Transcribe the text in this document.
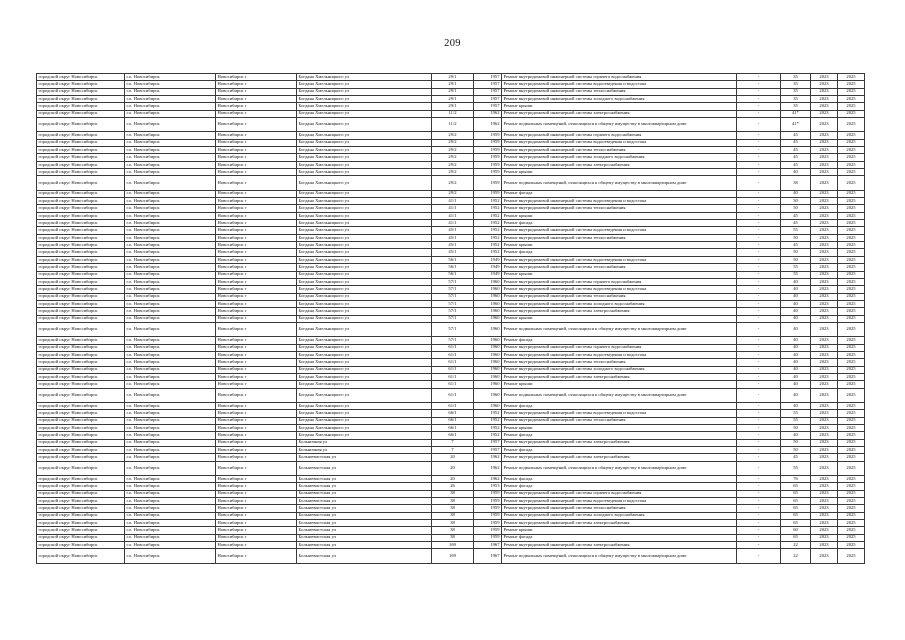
209
городской округ Новосибирск	г.о. Новосибирск	Новосибирск г	Богдана Хмельницкого ул	29/1	1957	Ремонт внутридомовой инженерной системы горячего водоснабжения	-	35	2023	2025
городской округ Новосибирск	г.о. Новосибирск	Новосибирск г	Богдана Хмельницкого ул	29/1	1957	Ремонт внутридомовой инженерной системы водоотведения и водостока	-	35	2023	2025
городской округ Новосибирск	г.о. Новосибирск	Новосибирск г	Богдана Хмельницкого ул	29/1	1957	Ремонт внутридомовой инженерной системы теплоснабжения	-	35	2023	2025
городской округ Новосибирск	г.о. Новосибирск	Новосибирск г	Богдана Хмельницкого ул	29/1	1957	Ремонт внутридомовой инженерной системы холодного водоснабжения	-	35	2023	2025
городской округ Новосибирск	г.о. Новосибирск	Новосибирск г	Богдана Хмельницкого ул	29/1	1957	Ремонт крыши	-	35	2023	2025
городской округ Новосибирск	г.о. Новосибирск	Новосибирск г	Богдана Хмельницкого ул	11/2	1962	Ремонт внутридомовой инженерной системы электроснабжения	-	41*	2023	2025
городской округ Новосибирск	г.о. Новосибирск	Новосибирск г	Богдана Хмельницкого ул	11/2	1962	Ремонт подвальных помещений, относящихся к общему имуществу в многоквартирном доме	-	41*	2023	2025
городской округ Новосибирск	г.о. Новосибирск	Новосибирск г	Богдана Хмельницкого ул	29/2	1959	Ремонт внутридомовой инженерной системы горячего водоснабжения	-	45	2023	2025
городской округ Новосибирск	г.о. Новосибирск	Новосибирск г	Богдана Хмельницкого ул	29/2	1959	Ремонт внутридомовой инженерной системы водоотведения и водостока	-	45	2023	2025
городской округ Новосибирск	г.о. Новосибирск	Новосибирск г	Богдана Хмельницкого ул	29/2	1959	Ремонт внутридомовой инженерной системы теплоснабжения	-	45	2023	2025
городской округ Новосибирск	г.о. Новосибирск	Новосибирск г	Богдана Хмельницкого ул	29/2	1959	Ремонт внутридомовой инженерной системы холодного водоснабжения	-	45	2023	2025
городской округ Новосибирск	г.о. Новосибирск	Новосибирск г	Богдана Хмельницкого ул	29/2	1959	Ремонт внутридомовой инженерной системы электроснабжения	-	45	2023	2025
городской округ Новосибирск	г.о. Новосибирск	Новосибирск г	Богдана Хмельницкого ул	29/2	1959	Ремонт крыши	-	40	2023	2025
городской округ Новосибирск	г.о. Новосибирск	Новосибирск г	Богдана Хмельницкого ул	29/2	1959	Ремонт подвальных помещений, относящихся к общему имуществу в многоквартирном доме	-	38	2023	2025
городской округ Новосибирск	г.о. Новосибирск	Новосибирск г	Богдана Хмельницкого ул	29/2	1959	Ремонт фасада	-	40	2023	2025
городской округ Новосибирск	г.о. Новосибирск	Новосибирск г	Богдана Хмельницкого ул	41/1	1952	Ремонт внутридомовой инженерной системы водоотведения и водостока	-	30	2023	2025
городской округ Новосибирск	г.о. Новосибирск	Новосибирск г	Богдана Хмельницкого ул	41/1	1952	Ремонт внутридомовой инженерной системы теплоснабжения	-	50	2023	2025
городской округ Новосибирск	г.о. Новосибирск	Новосибирск г	Богдана Хмельницкого ул	41/1	1952	Ремонт крыши	-	45	2023	2025
городской округ Новосибирск	г.о. Новосибирск	Новосибирск г	Богдана Хмельницкого ул	41/1	1952	Ремонт фасада	-	45	2023	2025
городской округ Новосибирск	г.о. Новосибирск	Новосибирск г	Богдана Хмельницкого ул	45/1	1952	Ремонт внутридомовой инженерной системы водоотведения и водостока	-	55	2023	2025
городской округ Новосибирск	г.о. Новосибирск	Новосибирск г	Богдана Хмельницкого ул	45/1	1952	Ремонт внутридомовой инженерной системы теплоснабжения	-	50	2023	2025
городской округ Новосибирск	г.о. Новосибирск	Новосибирск г	Богдана Хмельницкого ул	45/1	1952	Ремонт крыши	-	45	2023	2025
городской округ Новосибирск	г.о. Новосибирск	Новосибирск г	Богдана Хмельницкого ул	45/1	1952	Ремонт фасада	-	50	2023	2025
городской округ Новосибирск	г.о. Новосибирск	Новосибирск г	Богдана Хмельницкого ул	56/1	1949	Ремонт внутридомовой инженерной системы водоотведения и водостока	-	50	2023	2025
городской округ Новосибирск	г.о. Новосибирск	Новосибирск г	Богдана Хмельницкого ул	56/1	1949	Ремонт внутридомовой инженерной системы теплоснабжения	-	55	2023	2025
городской округ Новосибирск	г.о. Новосибирск	Новосибирск г	Богдана Хмельницкого ул	56/1	1949	Ремонт крыши	-	55	2023	2025
городской округ Новосибирск	г.о. Новосибирск	Новосибирск г	Богдана Хмельницкого ул	57/1	1960	Ремонт внутридомовой инженерной системы горячего водоснабжения	-	40	2023	2025
городской округ Новосибирск	г.о. Новосибирск	Новосибирск г	Богдана Хмельницкого ул	57/1	1960	Ремонт внутридомовой инженерной системы водоотведения и водостока	-	40	2023	2025
городской округ Новосибирск	г.о. Новосибирск	Новосибирск г	Богдана Хмельницкого ул	57/1	1960	Ремонт внутридомовой инженерной системы теплоснабжения	-	40	2023	2025
городской округ Новосибирск	г.о. Новосибирск	Новосибирск г	Богдана Хмельницкого ул	57/1	1960	Ремонт внутридомовой инженерной системы холодного водоснабжения	-	40	2023	2025
городской округ Новосибирск	г.о. Новосибирск	Новосибирск г	Богдана Хмельницкого ул	57/1	1960	Ремонт внутридомовой инженерной системы электроснабжения	-	40	2023	2025
городской округ Новосибирск	г.о. Новосибирск	Новосибирск г	Богдана Хмельницкого ул	57/1	1960	Ремонт крыши	-	40	2023	2025
городской округ Новосибирск	г.о. Новосибирск	Новосибирск г	Богдана Хмельницкого ул	57/1	1960	Ремонт подвальных помещений, относящихся к общему имуществу в многоквартирном доме	-	40	2023	2025
городской округ Новосибирск	г.о. Новосибирск	Новосибирск г	Богдана Хмельницкого ул	57/1	1960	Ремонт фасада	-	40	2023	2025
городской округ Новосибирск	г.о. Новосибирск	Новосибирск г	Богдана Хмельницкого ул	61/1	1960	Ремонт внутридомовой инженерной системы горячего водоснабжения	-	40	2023	2025
городской округ Новосибирск	г.о. Новосибирск	Новосибирск г	Богдана Хмельницкого ул	61/1	1960	Ремонт внутридомовой инженерной системы водоотведения и водостока	-	40	2023	2025
городской округ Новосибирск	г.о. Новосибирск	Новосибирск г	Богдана Хмельницкого ул	61/1	1960	Ремонт внутридомовой инженерной системы теплоснабжения	-	40	2023	2025
городской округ Новосибирск	г.о. Новосибирск	Новосибирск г	Богдана Хмельницкого ул	61/1	1960	Ремонт внутридомовой инженерной системы холодного водоснабжения	-	40	2023	2025
городской округ Новосибирск	г.о. Новосибирск	Новосибирск г	Богдана Хмельницкого ул	61/1	1960	Ремонт внутридомовой инженерной системы электроснабжения	-	40	2023	2025
городской округ Новосибирск	г.о. Новосибирск	Новосибирск г	Богдана Хмельницкого ул	61/1	1960	Ремонт крыши	-	40	2023	2025
городской округ Новосибирск	г.о. Новосибирск	Новосибирск г	Богдана Хмельницкого ул	61/1	1960	Ремонт подвальных помещений, относящихся к общему имуществу в многоквартирном доме	-	40	2023	2025
городской округ Новосибирск	г.о. Новосибирск	Новосибирск г	Богдана Хмельницкого ул	61/1	1960	Ремонт фасада	-	40	2023	2025
городской округ Новосибирск	г.о. Новосибирск	Новосибирск г	Богдана Хмельницкого ул	66/1	1952	Ремонт внутридомовой инженерной системы водоотведения и водостока	-	55	2023	2025
городской округ Новосибирск	г.о. Новосибирск	Новосибирск г	Богдана Хмельницкого ул	66/1	1952	Ремонт внутридомовой инженерной системы теплоснабжения	-	55	2023	2025
городской округ Новосибирск	г.о. Новосибирск	Новосибирск г	Богдана Хмельницкого ул	66/1	1952	Ремонт крыши	-	50	2023	2025
городской округ Новосибирск	г.о. Новосибирск	Новосибирск г	Богдана Хмельницкого ул	66/1	1952	Ремонт фасада	-	40	2023	2025
городской округ Новосибирск	г.о. Новосибирск	Новосибирск г	Больничная ул	7	1957	Ремонт внутридомовой инженерной системы электроснабжения	-	50	2023	2025
городской округ Новосибирск	г.о. Новосибирск	Новосибирск г	Больничная ул	7	1957	Ремонт фасада	-	50	2023	2025
городской округ Новосибирск	г.о. Новосибирск	Новосибирск г	Большевистская ул	20	1962	Ремонт внутридомовой инженерной системы электроснабжения	-	45	2023	2025
городской округ Новосибирск	г.о. Новосибирск	Новосибирск г	Большевистская ул	20	1962	Ремонт подвальных помещений, относящихся к общему имуществу в многоквартирном доме	-	55	2023	2025
городской округ Новосибирск	г.о. Новосибирск	Новосибирск г	Большевистская ул	20	1962	Ремонт фасада	-	76	2023	2025
городской округ Новосибирск	г.о. Новосибирск	Новосибирск г	Большевистская ул	26	1953	Ремонт фасада	-	65	2023	2025
городской округ Новосибирск	г.о. Новосибирск	Новосибирск г	Большевистская ул	38	1959	Ремонт внутридомовой инженерной системы горячего водоснабжения	-	65	2023	2025
городской округ Новосибирск	г.о. Новосибирск	Новосибирск г	Большевистская ул	38	1959	Ремонт внутридомовой инженерной системы водоотведения и водостока	-	65	2023	2025
городской округ Новосибирск	г.о. Новосибирск	Новосибирск г	Большевистская ул	38	1959	Ремонт внутридомовой инженерной системы теплоснабжения	-	65	2023	2025
городской округ Новосибирск	г.о. Новосибирск	Новосибирск г	Большевистская ул	38	1959	Ремонт внутридомовой инженерной системы холодного водоснабжения	-	65	2023	2025
городской округ Новосибирск	г.о. Новосибирск	Новосибирск г	Большевистская ул	38	1959	Ремонт внутридомовой инженерной системы электроснабжения	-	65	2023	2025
городской округ Новосибирск	г.о. Новосибирск	Новосибирск г	Большевистская ул	38	1959	Ремонт крыши	-	60	2023	2025
городской округ Новосибирск	г.о. Новосибирск	Новосибирск г	Большевистская ул	38	1959	Ремонт фасада	-	65	2023	2025
городской округ Новосибирск	г.о. Новосибирск	Новосибирск г	Большевистская ул	169	1967	Ремонт внутридомовой инженерной системы электроснабжения	-	22	2023	2025
городской округ Новосибирск	г.о. Новосибирск	Новосибирск г	Большевистская ул	169	1967	Ремонт подвальных помещений, относящихся к общему имуществу в многоквартирном доме	-	22	2023	2025
